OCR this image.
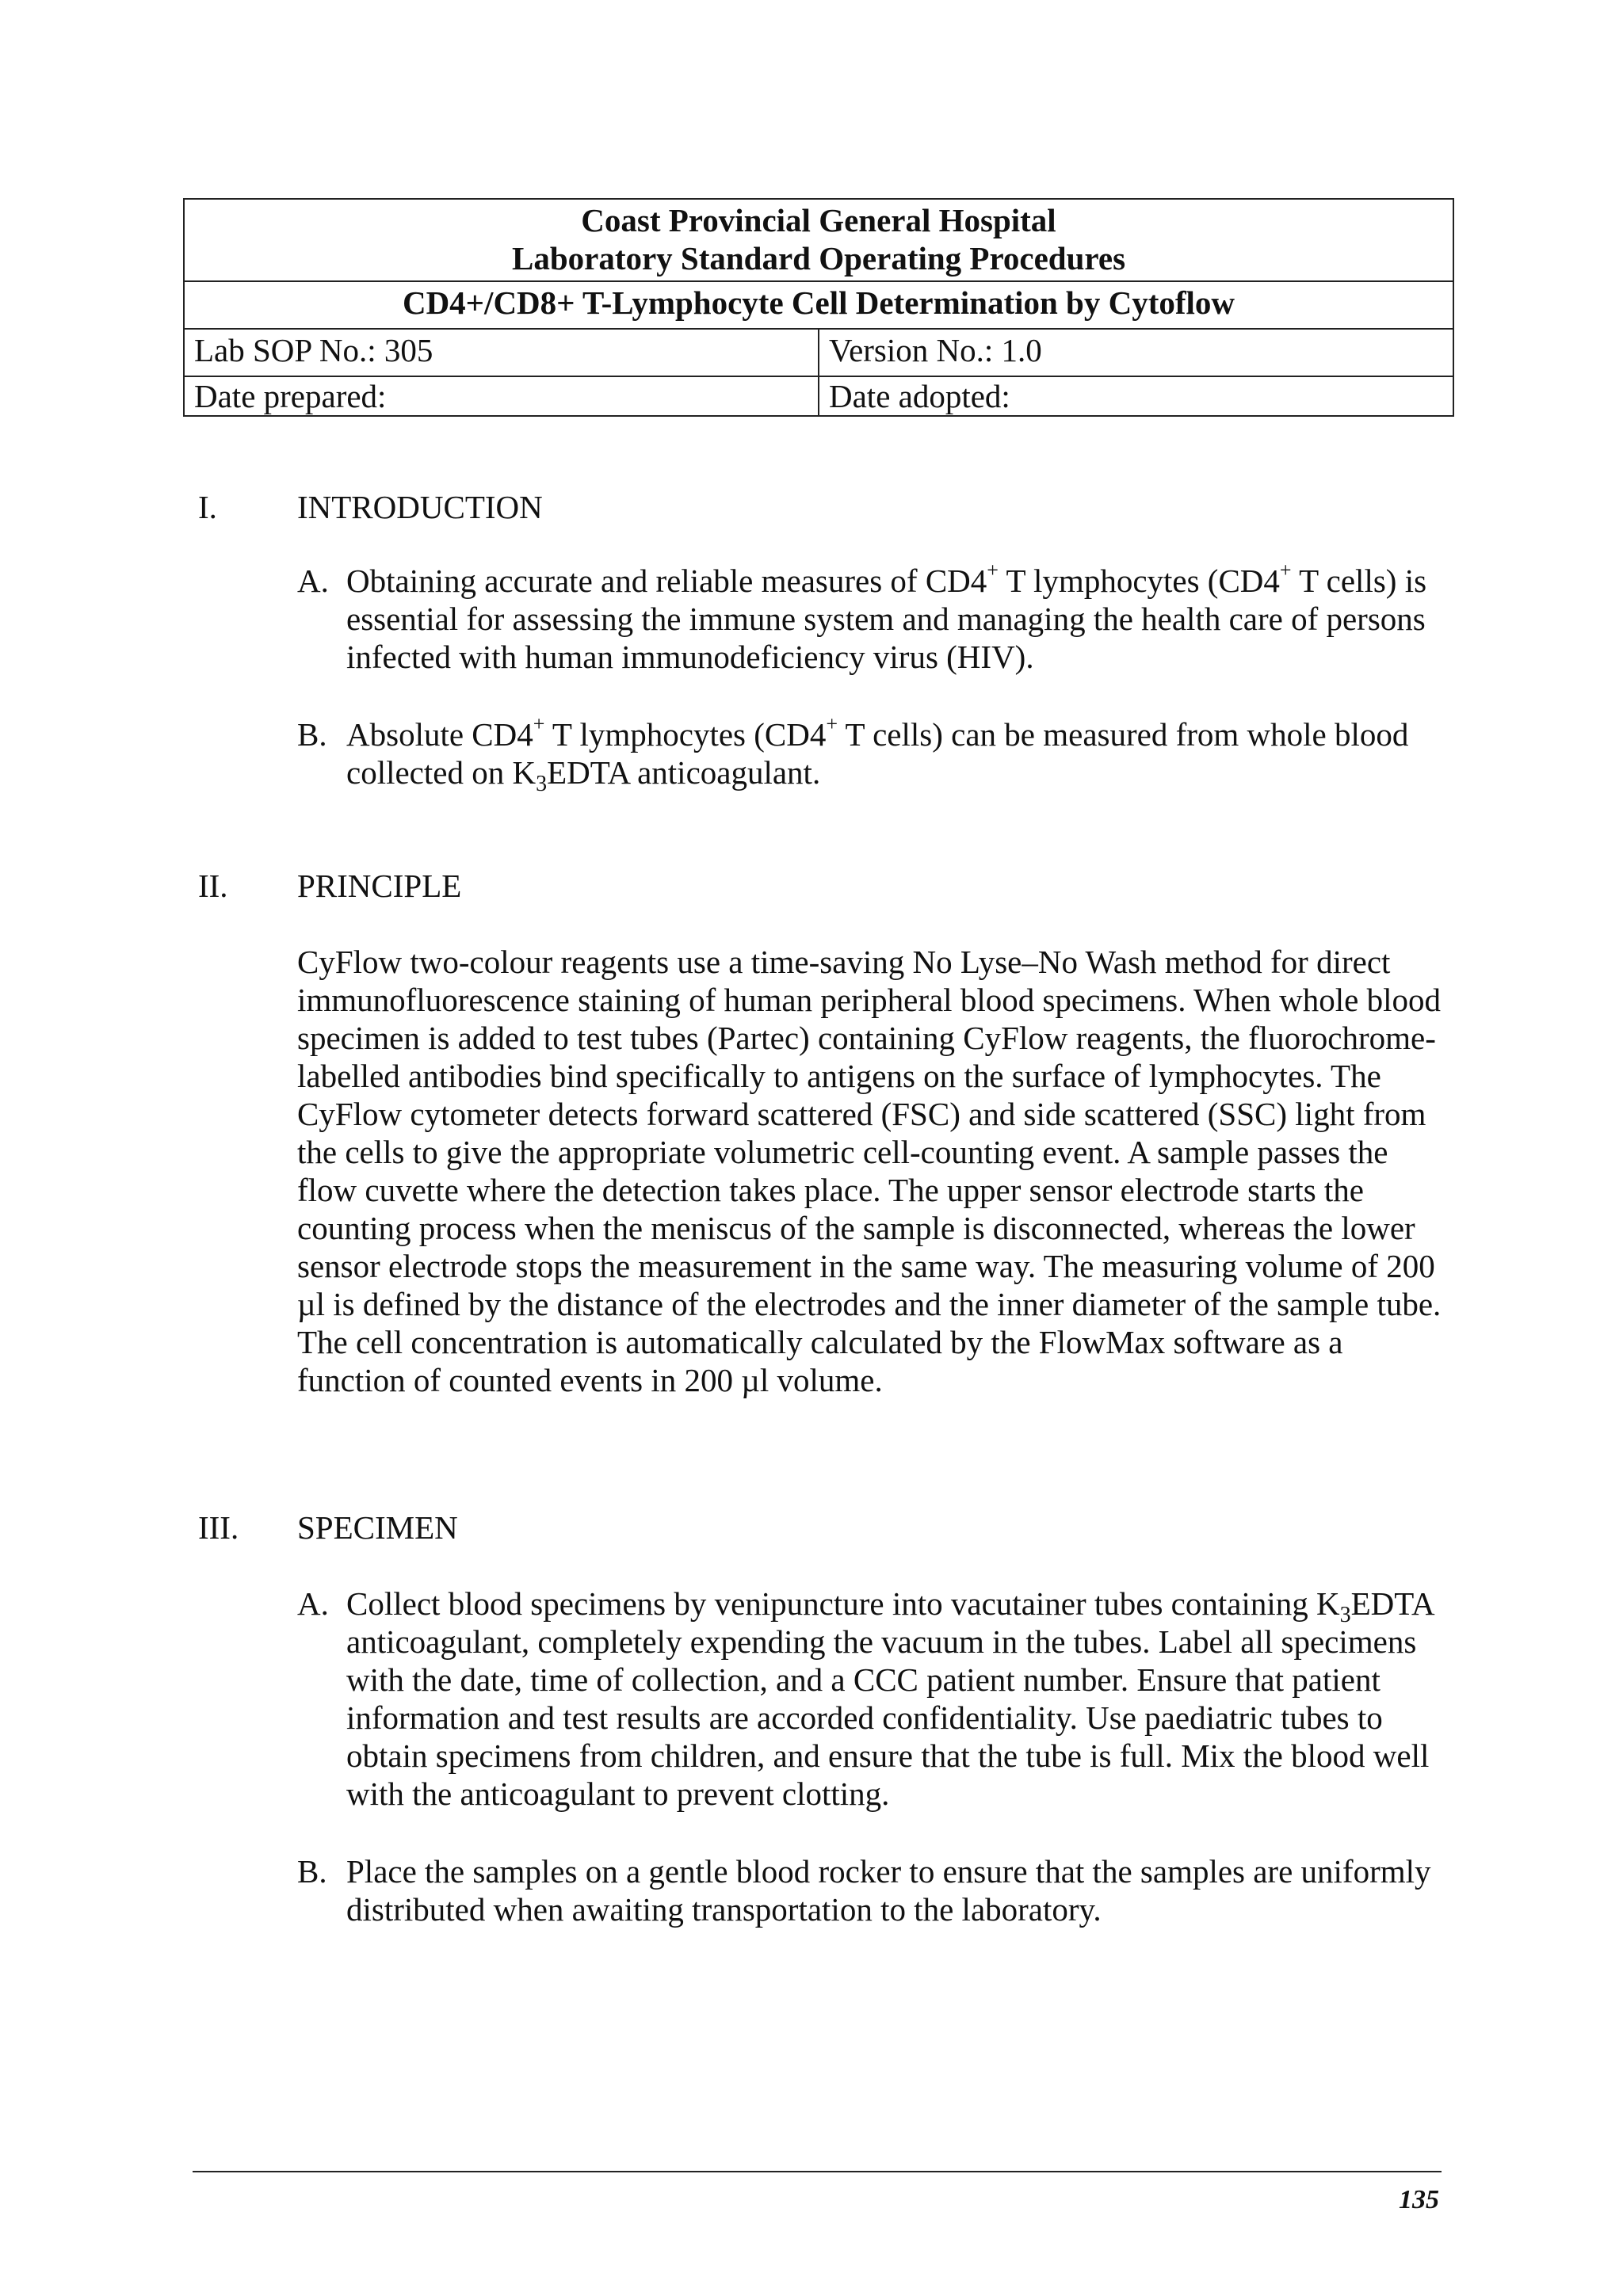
Coast Provincial General Hospital
Laboratory Standard Operating Procedures	

CD4+/CD8+ T-Lymphocyte Cell Determination by Cytoflow	
Lab SOP No.: 305	Version No.: 1.0
Date prepared:	Date adopted:
I. INTRODUCTION
A. Obtaining accurate and reliable measures of CD4+ T lymphocytes (CD4+ T cells) is essential for assessing the immune system and managing the health care of persons infected with human immunodeficiency virus (HIV).
B. Absolute CD4+ T lymphocytes (CD4+ T cells) can be measured from whole blood collected on $K_3EDTA$ anticoagulant.
II. PRINCIPLE
CyFlow two-colour reagents use a time-saving No Lyse–No Wash method for direct immunofluorescence staining of human peripheral blood specimens. When whole blood specimen is added to test tubes (Partec) containing CyFlow reagents, the fluorochrome-labelled antibodies bind specifically to antigens on the surface of lymphocytes. The CyFlow cytometer detects forward scattered (FSC) and side scattered (SSC) light from the cells to give the appropriate volumetric cell-counting event. A sample passes the flow cuvette where the detection takes place. The upper sensor electrode starts the counting process when the meniscus of the sample is disconnected, whereas the lower sensor electrode stops the measurement in the same way. The measuring volume of 200 µl is defined by the distance of the electrodes and the inner diameter of the sample tube. The cell concentration is automatically calculated by the FlowMax software as a function of counted events in 200 µl volume.
III. SPECIMEN
A. Collect blood specimens by venipuncture into vacutainer tubes containing $K_3EDTA$ anticoagulant, completely expending the vacuum in the tubes. Label all specimens with the date, time of collection, and a CCC patient number. Ensure that patient information and test results are accorded confidentiality. Use paediatric tubes to obtain specimens from children, and ensure that the tube is full. Mix the blood well with the anticoagulant to prevent clotting.
B. Place the samples on a gentle blood rocker to ensure that the samples are uniformly distributed when awaiting transportation to the laboratory.
135
